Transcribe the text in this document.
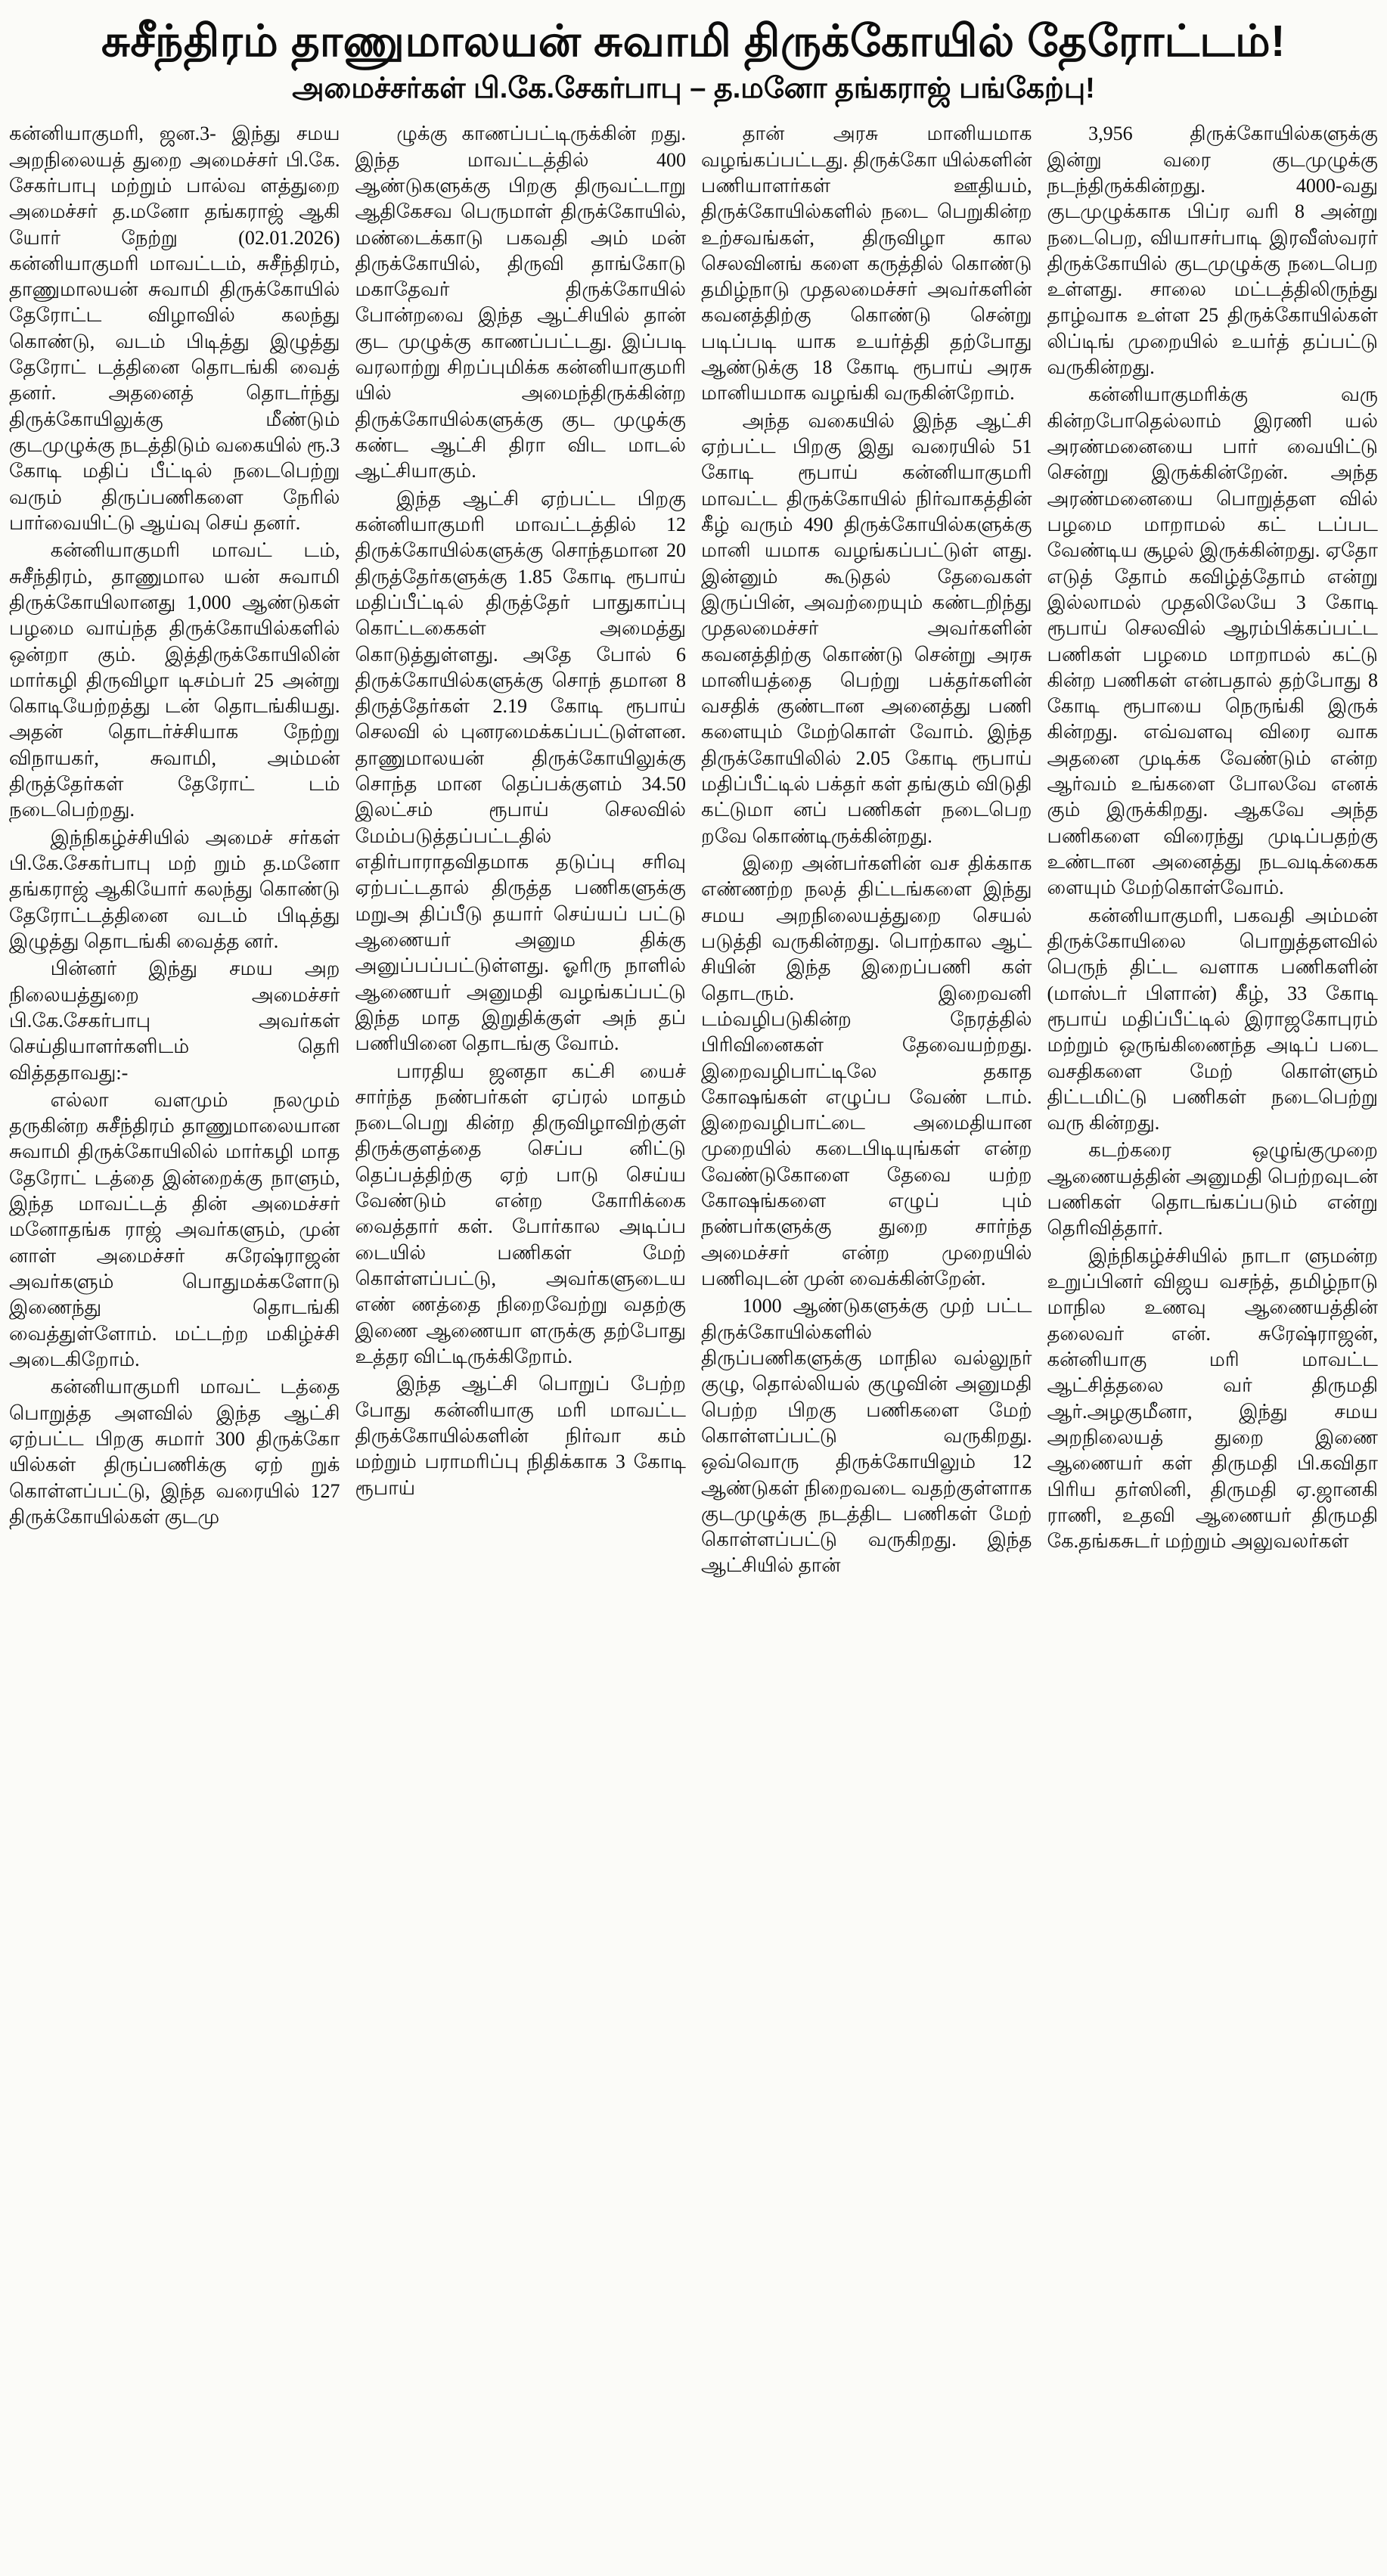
சுசீந்திரம் தாணுமாலயன் சுவாமி திருக்கோயில் தேரோட்டம்!
அமைச்சர்கள் பி.கே.சேகர்பாபு – த.மனோ தங்கராஜ் பங்கேற்பு!

கன்னியாகுமரி, ஜன.3- இந்து சமய அறநிலையத் துறை அமைச்சர் பி.கே. சேகர்பாபு மற்றும் பால்வ ளத்துறை அமைச்சர் த.மனோ தங்கராஜ் ஆகி யோர் நேற்று (02.01.2026) கன்னியாகுமரி மாவட்டம், சுசீந்திரம், தாணுமாலயன் சுவாமி திருக்கோயில் தேரோட்ட விழாவில் கலந்து கொண்டு, வடம் பிடித்து இழுத்து தேரோட் டத்தினை தொடங்கி வைத் தனர். அதனைத் தொடர்ந்து திருக்கோயிலுக்கு மீண்டும் குடமுழுக்கு நடத்திடும் வகையில் ரூ.3 கோடி மதிப் பீட்டில் நடைபெற்று வரும் திருப்பணிகளை நேரில் பார்வையிட்டு ஆய்வு செய் தனர்.

கன்னியாகுமரி மாவட் டம், சுசீந்திரம், தாணுமால யன் சுவாமி திருக்கோயிலானது 1,000 ஆண்டுகள் பழமை வாய்ந்த திருக்கோயில்களில் ஒன்றா கும். இத்திருக்கோயிலின் மார்கழி திருவிழா டிசம்பர் 25 அன்று கொடியேற்றத்து டன் தொடங்கியது. அதன் தொடர்ச்சியாக நேற்று விநாயகர், சுவாமி, அம்மன் திருத்தேர்கள் தேரோட் டம் நடைபெற்றது.

இந்நிகழ்ச்சியில் அமைச் சர்கள் பி.கே.சேகர்பாபு மற் றும் த.மனோ தங்கராஜ் ஆகியோர் கலந்து கொண்டு தேரோட்டத்தினை வடம் பிடித்து இழுத்து தொடங்கி வைத்த னர்.

பின்னர் இந்து சமய அற நிலையத்துறை அமைச்சர் பி.கே.சேகர்பாபு அவர்கள் செய்தியாளர்களிடம் தெரி வித்ததாவது:-

எல்லா வளமும் நலமும் தருகின்ற சுசீந்திரம் தாணுமாலையான சுவாமி திருக்கோயிலில் மார்கழி மாத தேரோட் டத்தை இன்றைக்கு நாளும், இந்த மாவட்டத் தின் அமைச்சர் மனோதங்க ராஜ் அவர்களும், முன் னாள் அமைச்சர் சுரேஷ்ராஜன் அவர்களும் பொதுமக்களோடு இணைந்து தொடங்கி வைத்துள்ளோம். மட்டற்ற மகிழ்ச்சி அடைகிறோம்.

கன்னியாகுமரி மாவட் டத்தை பொறுத்த அளவில் இந்த ஆட்சி ஏற்பட்ட பிறகு சுமார் 300 திருக்கோ யில்கள் திருப்பணிக்கு ஏற் றுக் கொள்ளப்பட்டு, இந்த வரையில் 127 திருக்கோயில்கள் குடமு

ழுக்கு காணப்பட்டிருக்கின் றது. இந்த மாவட்டத்தில் 400 ஆண்டுகளுக்கு பிறகு திருவட்டாறு ஆதிகேசவ பெருமாள் திருக்கோயில், மண்டைக்காடு பகவதி அம் மன் திருக்கோயில், திருவி தாங்கோடு மகாதேவர் திருக்கோயில் போன்றவை இந்த ஆட்சியில் தான் குட முழுக்கு காணப்பட்டது. இப்படி வரலாற்று சிறப்புமிக்க கன்னியாகுமரி யில் அமைந்திருக்கின்ற திருக்கோயில்களுக்கு குட முழுக்கு கண்ட ஆட்சி திரா விட மாடல் ஆட்சியாகும்.

இந்த ஆட்சி ஏற்பட்ட பிறகு கன்னியாகுமரி மாவட்டத்தில் 12 திருக்கோயில்களுக்கு சொந்தமான 20 திருத்தேர்களுக்கு 1.85 கோடி ரூபாய் மதிப்பீட்டில் திருத்தேர் பாதுகாப்பு கொட்டகைகள் அமைத்து கொடுத்துள்ளது. அதே போல் 6 திருக்கோயில்களுக்கு சொந் தமான 8 திருத்தேர்கள் 2.19 கோடி ரூபாய் செலவி ல் புனரமைக்கப்பட்டுள்ளன. தாணுமாலயன் திருக்கோயிலுக்கு சொந்த மான தெப்பக்குளம் 34.50 இலட்சம் ரூபாய் செலவில் மேம்படுத்தப்பட்டதில் எதிர்பாராதவிதமாக தடுப்பு சரிவு ஏற்பட்டதால் திருத்த பணிகளுக்கு மறுஅ திப்பீடு தயார் செய்யப் பட்டு ஆணையர் அனும திக்கு அனுப்பப்பட்டுள்ளது. ஓரிரு நாளில் ஆணையர் அனுமதி வழங்கப்பட்டு இந்த மாத இறுதிக்குள் அந் தப் பணியினை தொடங்கு வோம்.

பாரதிய ஜனதா கட்சி யைச் சார்ந்த நண்பர்கள் ஏப்ரல் மாதம் நடைபெறு கின்ற திருவிழாவிற்குள் திருக்குளத்தை செப்ப னிட்டு தெப்பத்திற்கு ஏற் பாடு செய்ய வேண்டும் என்ற கோரிக்கை வைத்தார் கள். போர்கால அடிப்ப டையில் பணிகள் மேற் கொள்ளப்பட்டு, அவர்களுடைய எண் ணத்தை நிறைவேற்று வதற்கு இணை ஆணையா ளருக்கு தற்போது உத்தர விட்டிருக்கிறோம்.

இந்த ஆட்சி பொறுப் பேற்ற போது கன்னியாகு மரி மாவட்ட திருக்கோயில்களின் நிர்வா கம் மற்றும் பராமரிப்பு நிதிக்காக 3 கோடி ரூபாய்

தான் அரசு மானியமாக வழங்கப்பட்டது. திருக்கோ யில்களின் பணியாளர்கள் ஊதியம், திருக்கோயில்களில் நடை பெறுகின்ற உற்சவங்கள், திருவிழா கால செலவினங் களை கருத்தில் கொண்டு தமிழ்நாடு முதலமைச்சர் அவர்களின் கவனத்திற்கு கொண்டு சென்று படிப்படி யாக உயர்த்தி தற்போது ஆண்டுக்கு 18 கோடி ரூபாய் அரசு மானியமாக வழங்கி வருகின்றோம்.

அந்த வகையில் இந்த ஆட்சி ஏற்பட்ட பிறகு இது வரையில் 51 கோடி ரூபாய் கன்னியாகுமரி மாவட்ட திருக்கோயில் நிர்வாகத்தின் கீழ் வரும் 490 திருக்கோயில்களுக்கு மானி யமாக வழங்கப்பட்டுள் ளது. இன்னும் கூடுதல் தேவைகள் இருப்பின், அவற்றையும் கண்டறிந்து முதலமைச்சர் அவர்களின் கவனத்திற்கு கொண்டு சென்று அரசு மானியத்தை பெற்று பக்தர்களின் வசதிக் குண்டான அனைத்து பணி களையும் மேற்கொள் வோம். இந்த திருக்கோயிலில் 2.05 கோடி ரூபாய் மதிப்பீட்டில் பக்தர் கள் தங்கும் விடுதி கட்டுமா னப் பணிகள் நடைபெற றவே கொண்டிருக்கின்றது.

இறை அன்பர்களின் வச திக்காக எண்ணற்ற நலத் திட்டங்களை இந்து சமய அறநிலையத்துறை செயல் படுத்தி வருகின்றது. பொற்கால ஆட் சியின் இந்த இறைப்பணி கள் தொடரும். இறைவனி டம்வழிபடுகின்ற நேரத்தில் பிரிவினைகள் தேவையற்றது. இறைவழிபாட்டிலே தகாத கோஷங்கள் எழுப்ப வேண் டாம். இறைவழிபாட்டை அமைதியான முறையில் கடைபிடியுங்கள் என்ற வேண்டுகோளை தேவை யற்ற கோஷங்களை எழுப் பும் நண்பர்களுக்கு துறை சார்ந்த அமைச்சர் என்ற முறையில் பணிவுடன் முன் வைக்கின்றேன்.

1000 ஆண்டுகளுக்கு முற் பட்ட திருக்கோயில்களில் திருப்பணிகளுக்கு மாநில வல்லுநர் குழு, தொல்லியல் குழுவின் அனுமதி பெற்ற பிறகு பணிகளை மேற் கொள்ளப்பட்டு வருகிறது. ஒவ்வொரு திருக்கோயிலும் 12 ஆண்டுகள் நிறைவடை வதற்குள்ளாக குடமுழுக்கு நடத்திட பணிகள் மேற் கொள்ளப்பட்டு வருகிறது. இந்த ஆட்சியில் தான்

3,956 திருக்கோயில்களுக்கு இன்று வரை குடமுழுக்கு நடந்திருக்கின்றது. 4000-வது குடமுழுக்காக பிப்ர வரி 8 அன்று நடைபெற, வியாசர்பாடி இரவீஸ்வரர் திருக்கோயில் குடமுழுக்கு நடைபெற உள்ளது. சாலை மட்டத்திலிருந்து தாழ்வாக உள்ள 25 திருக்கோயில்கள் லிப்டிங் முறையில் உயர்த் தப்பட்டு வருகின்றது.

கன்னியாகுமரிக்கு வரு கின்றபோதெல்லாம் இரணி யல் அரண்மனையை பார் வையிட்டு சென்று இருக்கின்றேன். அந்த அரண்மனையை பொறுத்தள வில் பழமை மாறாமல் கட் டப்பட வேண்டிய சூழல் இருக்கின்றது. ஏதோ எடுத் தோம் கவிழ்த்தோம் என்று இல்லாமல் முதலிலேயே 3 கோடி ரூபாய் செலவில் ஆரம்பிக்கப்பட்ட பணிகள் பழமை மாறாமல் கட்டு கின்ற பணிகள் என்பதால் தற்போது 8 கோடி ரூபாயை நெருங்கி இருக் கின்றது. எவ்வளவு விரை வாக அதனை முடிக்க வேண்டும் என்ற ஆர்வம் உங்களை போலவே எனக் கும் இருக்கிறது. ஆகவே அந்த பணிகளை விரைந்து முடிப்பதற்கு உண்டான அனைத்து நடவடிக்கைக ளையும் மேற்கொள்வோம்.

கன்னியாகுமரி, பகவதி அம்மன் திருக்கோயிலை பொறுத்தளவில் பெருந் திட்ட வளாக பணிகளின் (மாஸ்டர் பிளான்) கீழ், 33 கோடி ரூபாய் மதிப்பீட்டில் இராஜகோபுரம் மற்றும் ஒருங்கிணைந்த அடிப் படை வசதிகளை மேற் கொள்ளும் திட்டமிட்டு பணிகள் நடைபெற்று வரு கின்றது.

கடற்கரை ஒழுங்குமுறை ஆணையத்தின் அனுமதி பெற்றவுடன் பணிகள் தொடங்கப்படும் என்று தெரிவித்தார்.

இந்நிகழ்ச்சியில் நாடா ளுமன்ற உறுப்பினர் விஜய வசந்த், தமிழ்நாடு மாநில உணவு ஆணையத்தின் தலைவர் என். சுரேஷ்ராஜன், கன்னியாகு மரி மாவட்ட ஆட்சித்தலை வர் திருமதி ஆர்.அழகுமீனா, இந்து சமய அறநிலையத் துறை இணை ஆணையர் கள் திருமதி பி.கவிதா பிரிய தர்ஸினி, திருமதி ஏ.ஜானகி ராணி, உதவி ஆணையர் திருமதி கே.தங்கசுடர் மற்றும் அலுவலர்கள்
